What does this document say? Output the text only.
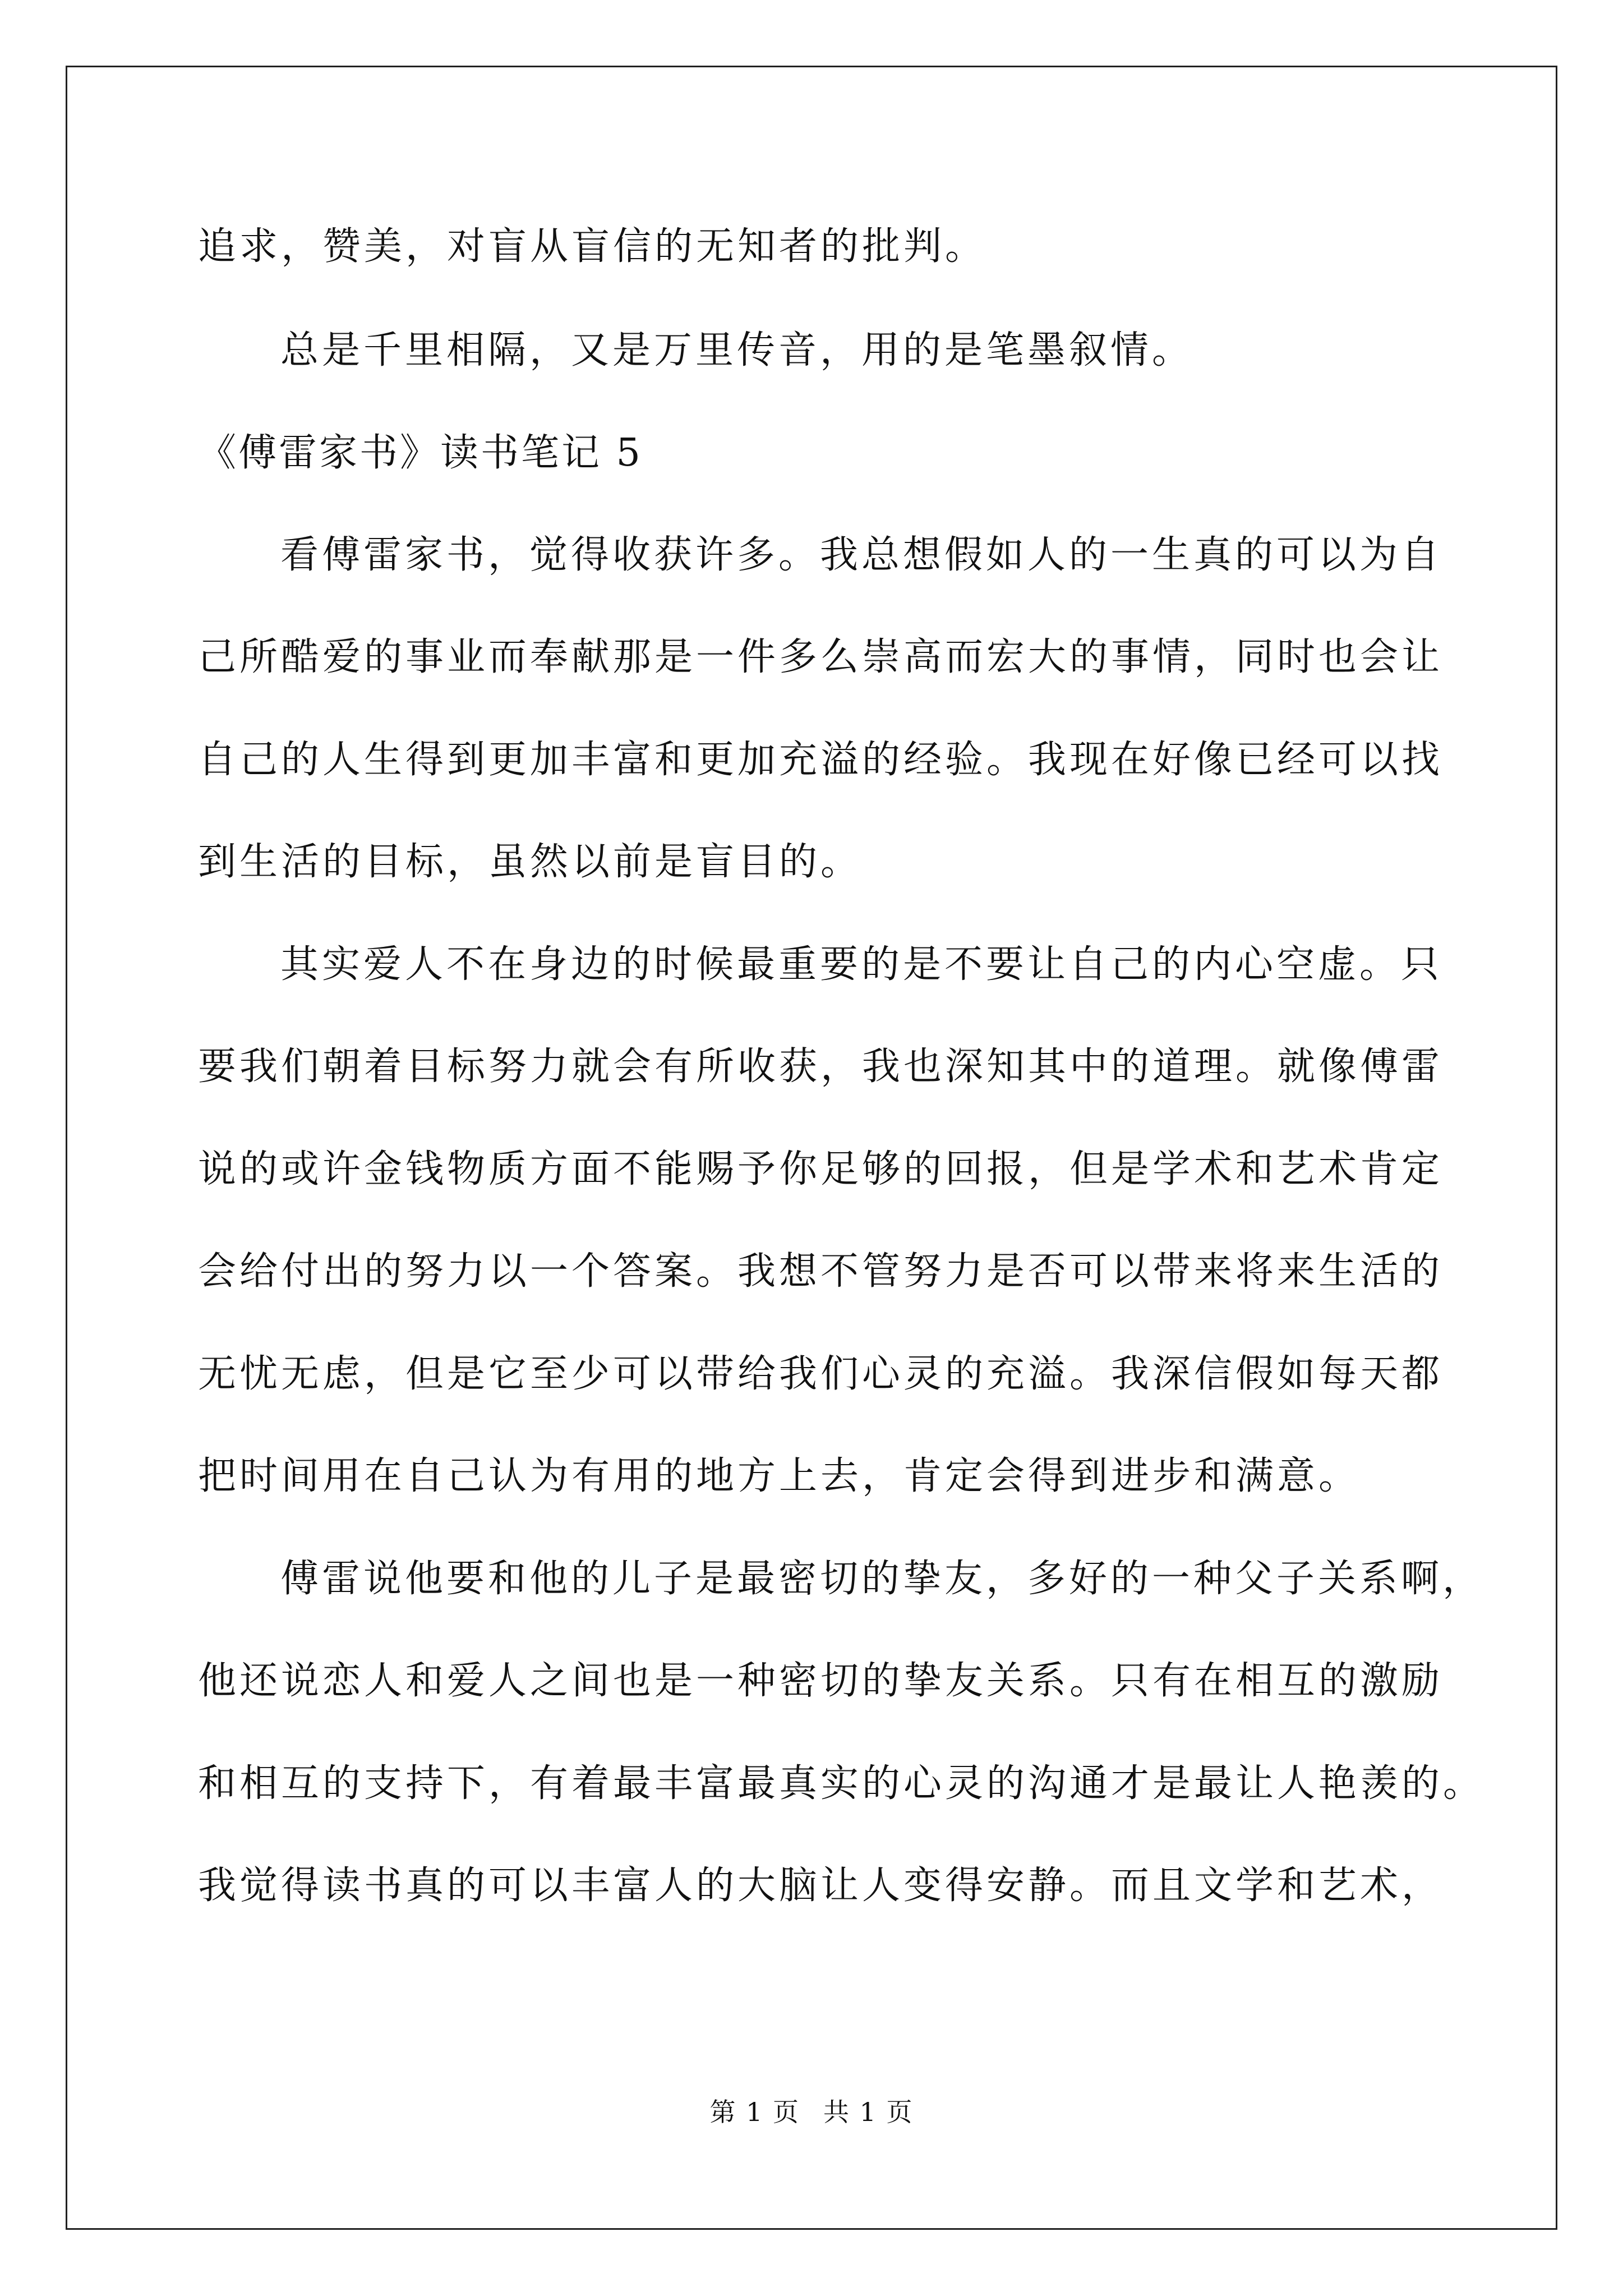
追求，赞美，对盲从盲信的无知者的批判。
总是千里相隔，又是万里传音，用的是笔墨叙情。
《傅雷家书》读书笔记 5
看傅雷家书，觉得收获许多。我总想假如人的一生真的可以为自
己所酷爱的事业而奉献那是一件多么崇高而宏大的事情，同时也会让
自己的人生得到更加丰富和更加充溢的经验。我现在好像已经可以找
到生活的目标，虽然以前是盲目的。
其实爱人不在身边的时候最重要的是不要让自己的内心空虚。只
要我们朝着目标努力就会有所收获，我也深知其中的道理。就像傅雷
说的或许金钱物质方面不能赐予你足够的回报，但是学术和艺术肯定
会给付出的努力以一个答案。我想不管努力是否可以带来将来生活的
无忧无虑，但是它至少可以带给我们心灵的充溢。我深信假如每天都
把时间用在自己认为有用的地方上去，肯定会得到进步和满意。
傅雷说他要和他的儿子是最密切的挚友，多好的一种父子关系啊，
他还说恋人和爱人之间也是一种密切的挚友关系。只有在相互的激励
和相互的支持下，有着最丰富最真实的心灵的沟通才是最让人艳羡的。
我觉得读书真的可以丰富人的大脑让人变得安静。而且文学和艺术，
第 1 页 共 1 页
